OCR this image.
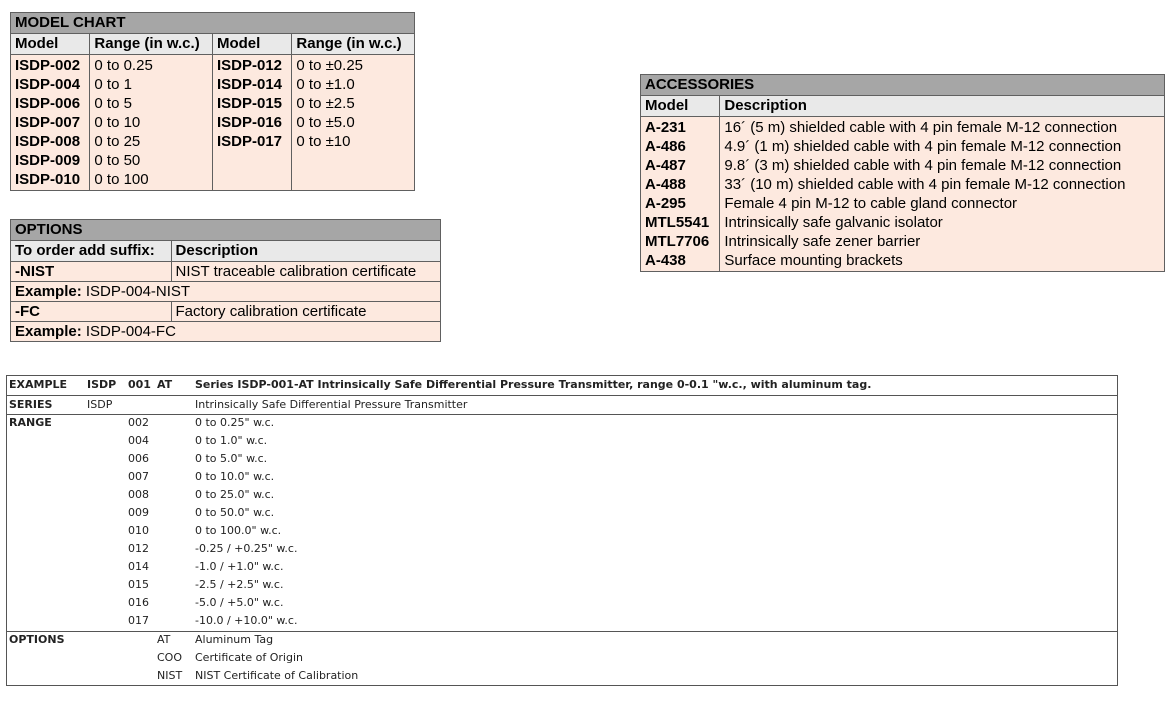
MODEL CHART			
Model	Range (in w.c.)	Model	Range (in w.c.)
ISDP-002	0 to 0.25	ISDP-012	0 to ±0.25
ISDP-004	0 to 1	ISDP-014	0 to ±1.0
ISDP-006	0 to 5	ISDP-015	0 to ±2.5
ISDP-007	0 to 10	ISDP-016	0 to ±5.0
ISDP-008	0 to 25	ISDP-017	0 to ±10
ISDP-009	0 to 50		
ISDP-010	0 to 100		
OPTIONS	
To order add suffix:	Description
-NIST	NIST traceable calibration certificate
Example: ISDP-004-NIST	
-FC	Factory calibration certificate
Example: ISDP-004-FC	
ACCESSORIES	
Model	Description
A-231	16´ (5 m) shielded cable with 4 pin female M-12 connection
A-486	4.9´ (1 m) shielded cable with 4 pin female M-12 connection
A-487	9.8´ (3 m) shielded cable with 4 pin female M-12 connection
A-488	33´ (10 m) shielded cable with 4 pin female M-12 connection
A-295	Female 4 pin M-12 to cable gland connector
MTL5541	Intrinsically safe galvanic isolator
MTL7706	Intrinsically safe zener barrier
A-438	Surface mounting brackets
EXAMPLE ISDP 001 AT Series ISDP-001-AT Intrinsically Safe Differential Pressure Transmitter, range 0-0.1 "w.c., with aluminum tag.
SERIES	ISDP	Intrinsically Safe Differential Pressure Transmitter
RANGE	002	0 to 0.25" w.c.
004	0 to 1.0" w.c.
006	0 to 5.0" w.c.
007	0 to 10.0" w.c.
008	0 to 25.0" w.c.
009	0 to 50.0" w.c.
010	0 to 100.0" w.c.
012	-0.25 / +0.25" w.c.
014	-1.0 / +1.0" w.c.
015	-2.5 / +2.5" w.c.
016	-5.0 / +5.0" w.c.
017	-10.0 / +10.0" w.c.
OPTIONS	AT Aluminum Tag
COO Certificate of Origin
NIST NIST Certificate of Calibration
